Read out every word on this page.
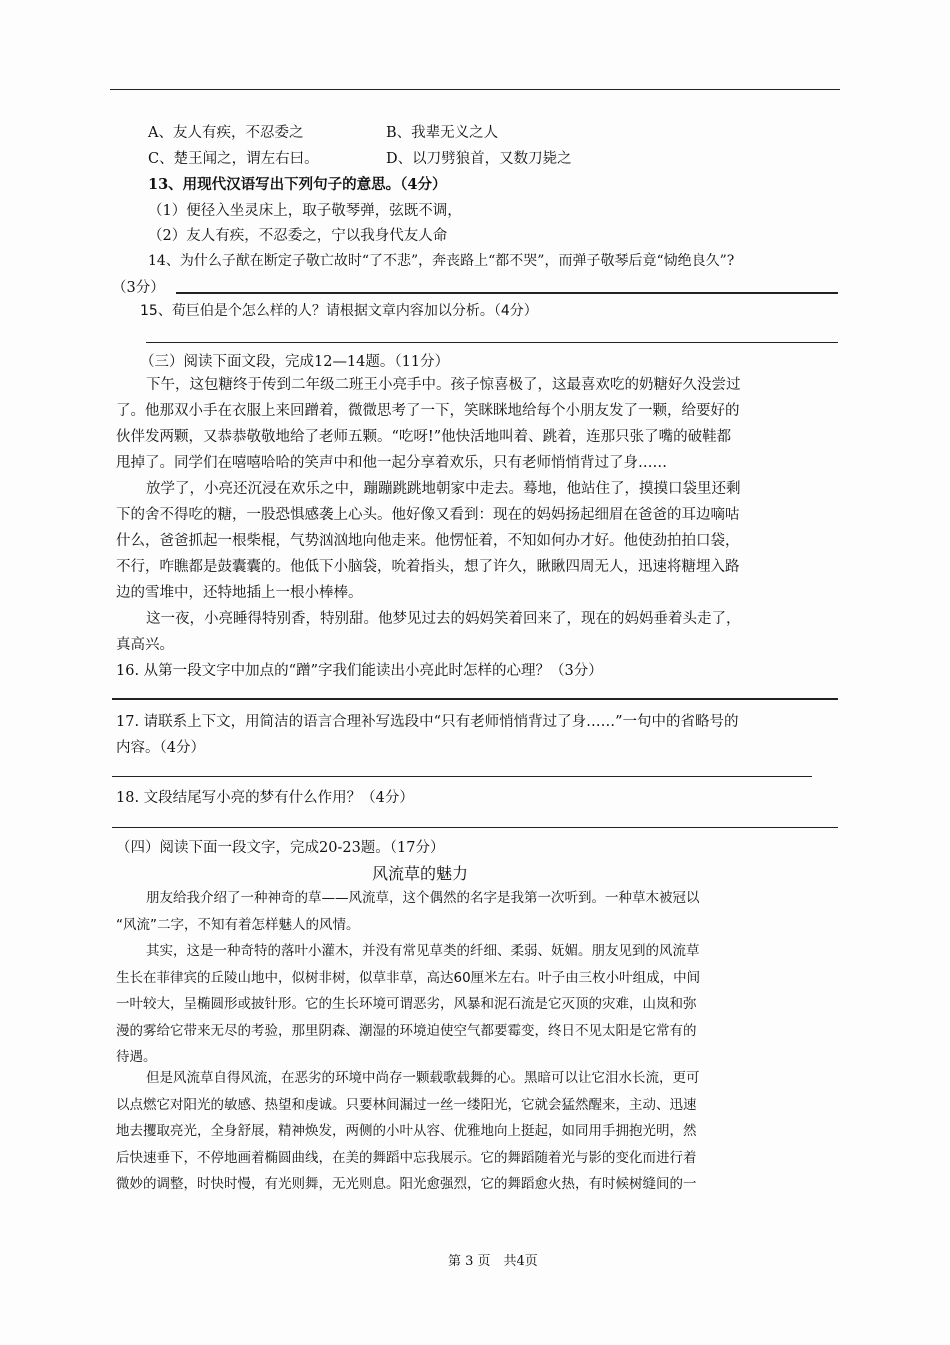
A、友人有疾，不忍委之	B、我辈无义之人
C、楚王闻之，谓左右曰。	D、以刀劈狼首，又数刀毙之
13、用现代汉语写出下列句子的意思。（4分）
（1）便径入坐灵床上，取子敬琴弹，弦既不调，
（2）友人有疾，不忍委之，宁以我身代友人命
14、为什么子猷在断定子敬亡故时“了不悲”，奔丧路上“都不哭”，而弹子敬琴后竟“恸绝良久”?
（3分）
15、荀巨伯是个怎么样的人？请根据文章内容加以分析。（4分）
（三）阅读下面文段，完成12—14题。（11分）
下午，这包糖终于传到二年级二班王小亮手中。孩子惊喜极了，这最喜欢吃的奶糖好久没尝过
了。他那双小手在衣服上来回蹭着，微微思考了一下，笑眯眯地给每个小朋友发了一颗，给要好的
伙伴发两颗，又恭恭敬敬地给了老师五颗。“吃呀!”他快活地叫着、跳着，连那只张了嘴的破鞋都
甩掉了。同学们在嘻嘻哈哈的笑声中和他一起分享着欢乐，只有老师悄悄背过了身……
放学了，小亮还沉浸在欢乐之中，蹦蹦跳跳地朝家中走去。蓦地，他站住了，摸摸口袋里还剩
下的舍不得吃的糖，一股恐惧感袭上心头。他好像又看到：现在的妈妈扬起细眉在爸爸的耳边嘀咕
什么，爸爸抓起一根柴棍，气势汹汹地向他走来。他愣怔着，不知如何办才好。他使劲拍拍口袋，
不行，咋瞧都是鼓囊囊的。他低下小脑袋，吮着指头，想了许久，瞅瞅四周无人，迅速将糖埋入路
边的雪堆中，还特地插上一根小棒棒。
这一夜，小亮睡得特别香，特别甜。他梦见过去的妈妈笑着回来了，现在的妈妈垂着头走了，
真高兴。
16. 从第一段文字中加点的“蹭”字我们能读出小亮此时怎样的心理？（3分）
17. 请联系上下文，用简洁的语言合理补写选段中“只有老师悄悄背过了身……”一句中的省略号的
内容。（4分）
18. 文段结尾写小亮的梦有什么作用？（4分）
（四）阅读下面一段文字，完成20-23题。（17分）
风流草的魅力
朋友给我介绍了一种神奇的草——风流草，这个偶然的名字是我第一次听到。一种草木被冠以
“风流”二字，不知有着怎样魅人的风情。
其实，这是一种奇特的落叶小灌木，并没有常见草类的纤细、柔弱、妩媚。朋友见到的风流草
生长在菲律宾的丘陵山地中，似树非树，似草非草，高达60厘米左右。叶子由三枚小叶组成，中间
一叶较大，呈椭圆形或披针形。它的生长环境可谓恶劣，风暴和泥石流是它灭顶的灾难，山岚和弥
漫的雾给它带来无尽的考验，那里阴森、潮湿的环境迫使空气都要霉变，终日不见太阳是它常有的
待遇。
但是风流草自得风流，在恶劣的环境中尚存一颗载歌载舞的心。黑暗可以让它泪水长流，更可
以点燃它对阳光的敏感、热望和虔诚。只要林间漏过一丝一缕阳光，它就会猛然醒来，主动、迅速
地去攫取亮光，全身舒展，精神焕发，两侧的小叶从容、优雅地向上挺起，如同用手拥抱光明，然
后快速垂下，不停地画着椭圆曲线，在美的舞蹈中忘我展示。它的舞蹈随着光与影的变化而进行着
微妙的调整，时快时慢，有光则舞，无光则息。阳光愈强烈，它的舞蹈愈火热，有时候树缝间的一
第 3 页　共4页
